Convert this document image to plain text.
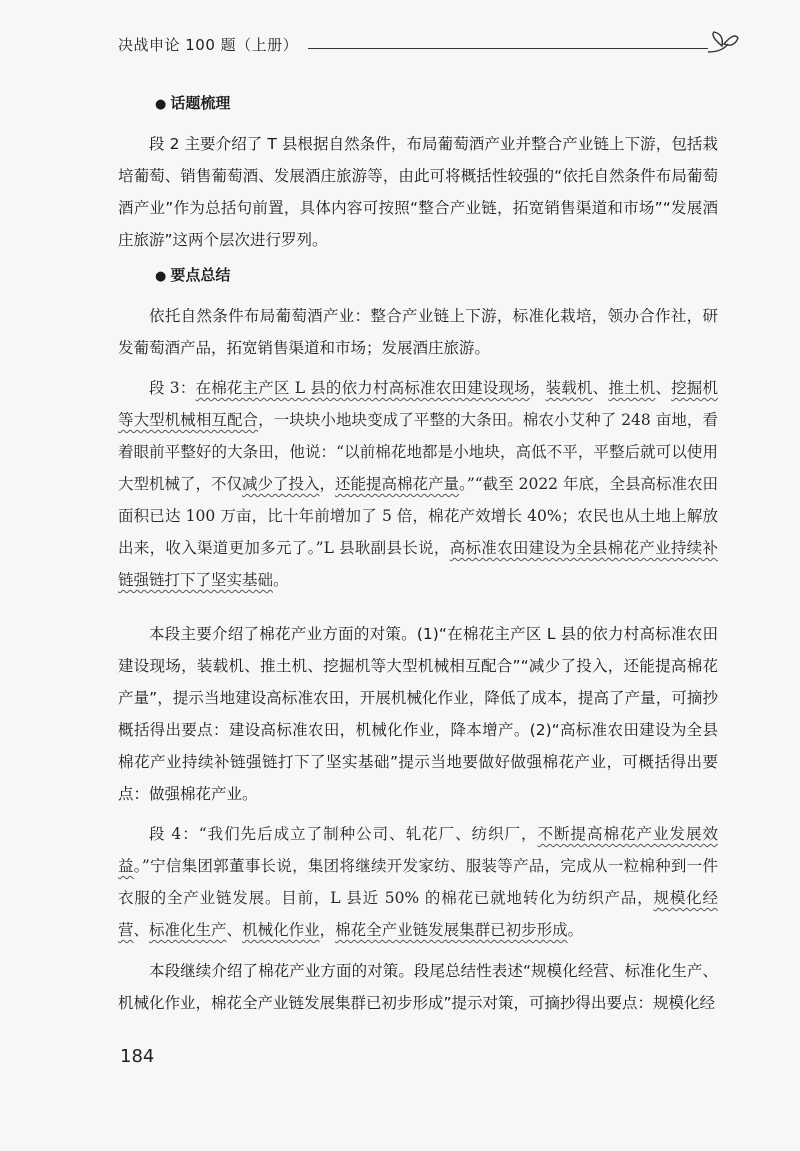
决战申论 100 题（上册）
● 话题梳理

段 2 主要介绍了 T 县根据自然条件，布局葡萄酒产业并整合产业链上下游，包括栽培葡萄、销售葡萄酒、发展酒庄旅游等，由此可将概括性较强的“依托自然条件布局葡萄酒产业”作为总括句前置，具体内容可按照“整合产业链，拓宽销售渠道和市场”“发展酒庄旅游”这两个层次进行罗列。

● 要点总结

依托自然条件布局葡萄酒产业：整合产业链上下游，标准化栽培，领办合作社，研发葡萄酒产品，拓宽销售渠道和市场；发展酒庄旅游。

段 3：在棉花主产区 L 县的依力村高标准农田建设现场，装载机、推土机、挖掘机等大型机械相互配合，一块块小地块变成了平整的大条田。棉农小艾种了 248 亩地，看着眼前平整好的大条田，他说：“以前棉花地都是小地块，高低不平，平整后就可以使用大型机械了，不仅减少了投入，还能提高棉花产量。”“截至 2022 年底，全县高标准农田面积已达 100 万亩，比十年前增加了 5 倍，棉花产效增长 40%；农民也从土地上解放出来，收入渠道更加多元了。”L 县耿副县长说，高标准农田建设为全县棉花产业持续补链强链打下了坚实基础。

本段主要介绍了棉花产业方面的对策。(1)“在棉花主产区 L 县的依力村高标准农田建设现场，装载机、推土机、挖掘机等大型机械相互配合”“减少了投入，还能提高棉花产量”，提示当地建设高标准农田，开展机械化作业，降低了成本，提高了产量，可摘抄概括得出要点：建设高标准农田，机械化作业，降本增产。(2)“高标准农田建设为全县棉花产业持续补链强链打下了坚实基础”提示当地要做好做强棉花产业，可概括得出要点：做强棉花产业。

段 4：“我们先后成立了制种公司、轧花厂、纺织厂，不断提高棉花产业发展效益。”宁信集团郭董事长说，集团将继续开发家纺、服装等产品，完成从一粒棉种到一件衣服的全产业链发展。目前，L 县近 50% 的棉花已就地转化为纺织产品，规模化经营、标准化生产、机械化作业，棉花全产业链发展集群已初步形成。

本段继续介绍了棉花产业方面的对策。段尾总结性表述“规模化经营、标准化生产、机械化作业，棉花全产业链发展集群已初步形成”提示对策，可摘抄得出要点：规模化经

184
